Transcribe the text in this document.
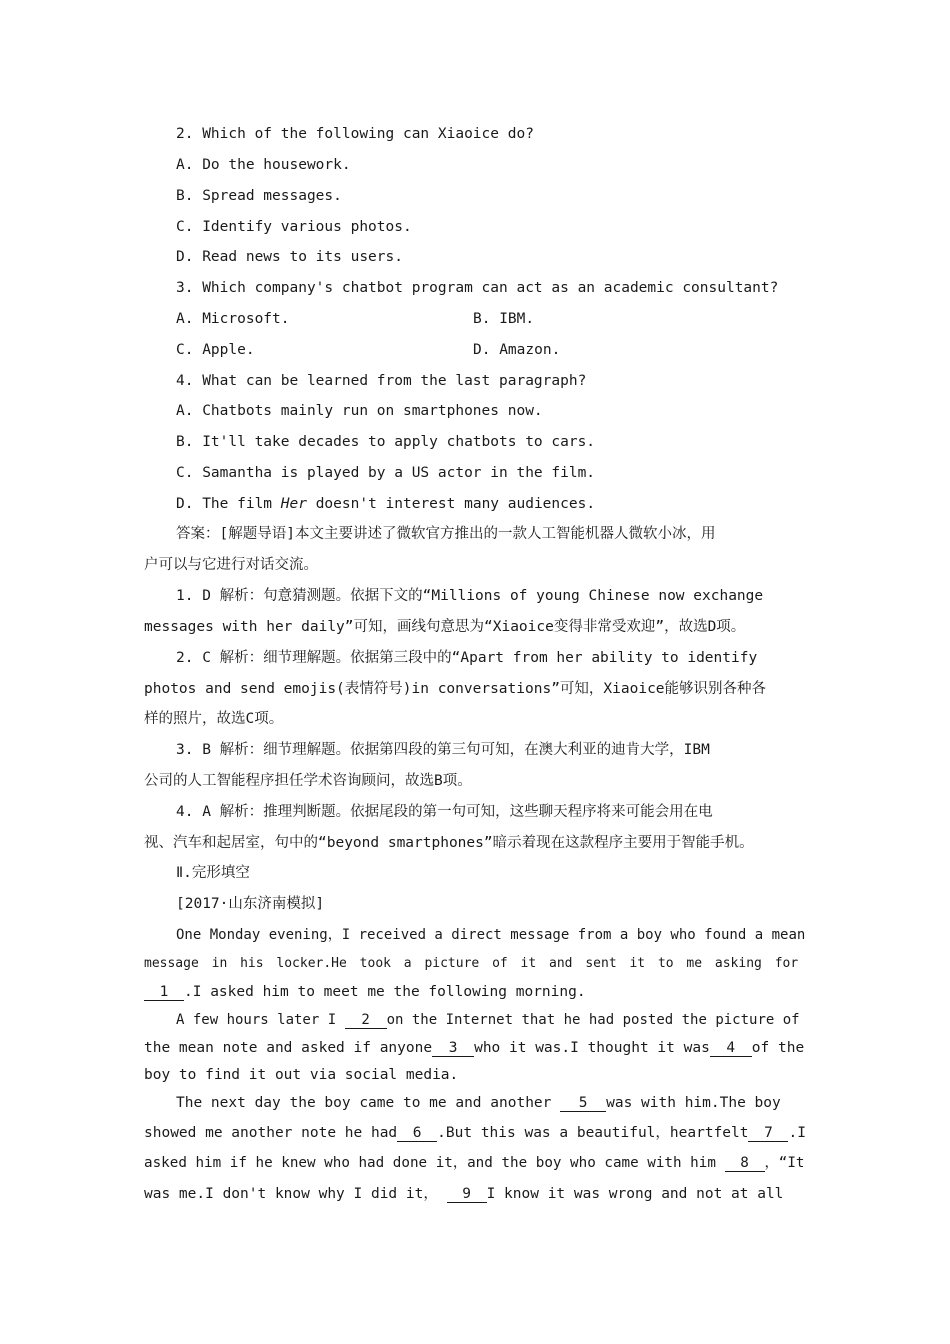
2. Which of the following can Xiaoice do?
A. Do the housework.
B. Spread messages.
C. Identify various photos.
D. Read news to its users.
3. Which company's chatbot program can act as an academic consultant?
A. Microsoft.	B. IBM.
C. Apple.	D. Amazon.
4. What can be learned from the last paragraph?
A. Chatbots mainly run on smartphones now.
B. It'll take decades to apply chatbots to cars.
C. Samantha is played by a US actor in the film.
D. The film Her doesn't interest many audiences.
答案：[解题导语]本文主要讲述了微软官方推出的一款人工智能机器人微软小冰，用
户可以与它进行对话交流。
1. D 解析：句意猜测题。依据下文的“Millions of young Chinese now exchange
messages with her daily”可知，画线句意思为“Xiaoice变得非常受欢迎”，故选D项。
2. C 解析：细节理解题。依据第三段中的“Apart from her ability to identify
photos and send emojis(表情符号)in conversations”可知，Xiaoice能够识别各种各
样的照片，故选C项。
3. B 解析：细节理解题。依据第四段的第三句可知，在澳大利亚的迪肯大学，IBM
公司的人工智能程序担任学术咨询顾问，故选B项。
4. A 解析：推理判断题。依据尾段的第一句可知，这些聊天程序将来可能会用在电
视、汽车和起居室，句中的“beyond smartphones”暗示着现在这款程序主要用于智能手机。
Ⅱ.完形填空
[2017·山东济南模拟]
One Monday evening，I received a direct message from a boy who found a mean
message in his locker.He took a picture of it and sent it to me asking for
1 .I asked him to meet me the following morning.
A few hours later I 2 on the Internet that he had posted the picture of
the mean note and asked if anyone 3 who it was.I thought it was 4 of the
boy to find it out via social media.
The next day the boy came to me and another 5 was with him.The boy
showed me another note he had 6 .But this was a beautiful，heartfelt 7 .I
asked him if he knew who had done it，and the boy who came with him 8 ，“It
was me.I don't know why I did it， 9 I know it was wrong and not at all
